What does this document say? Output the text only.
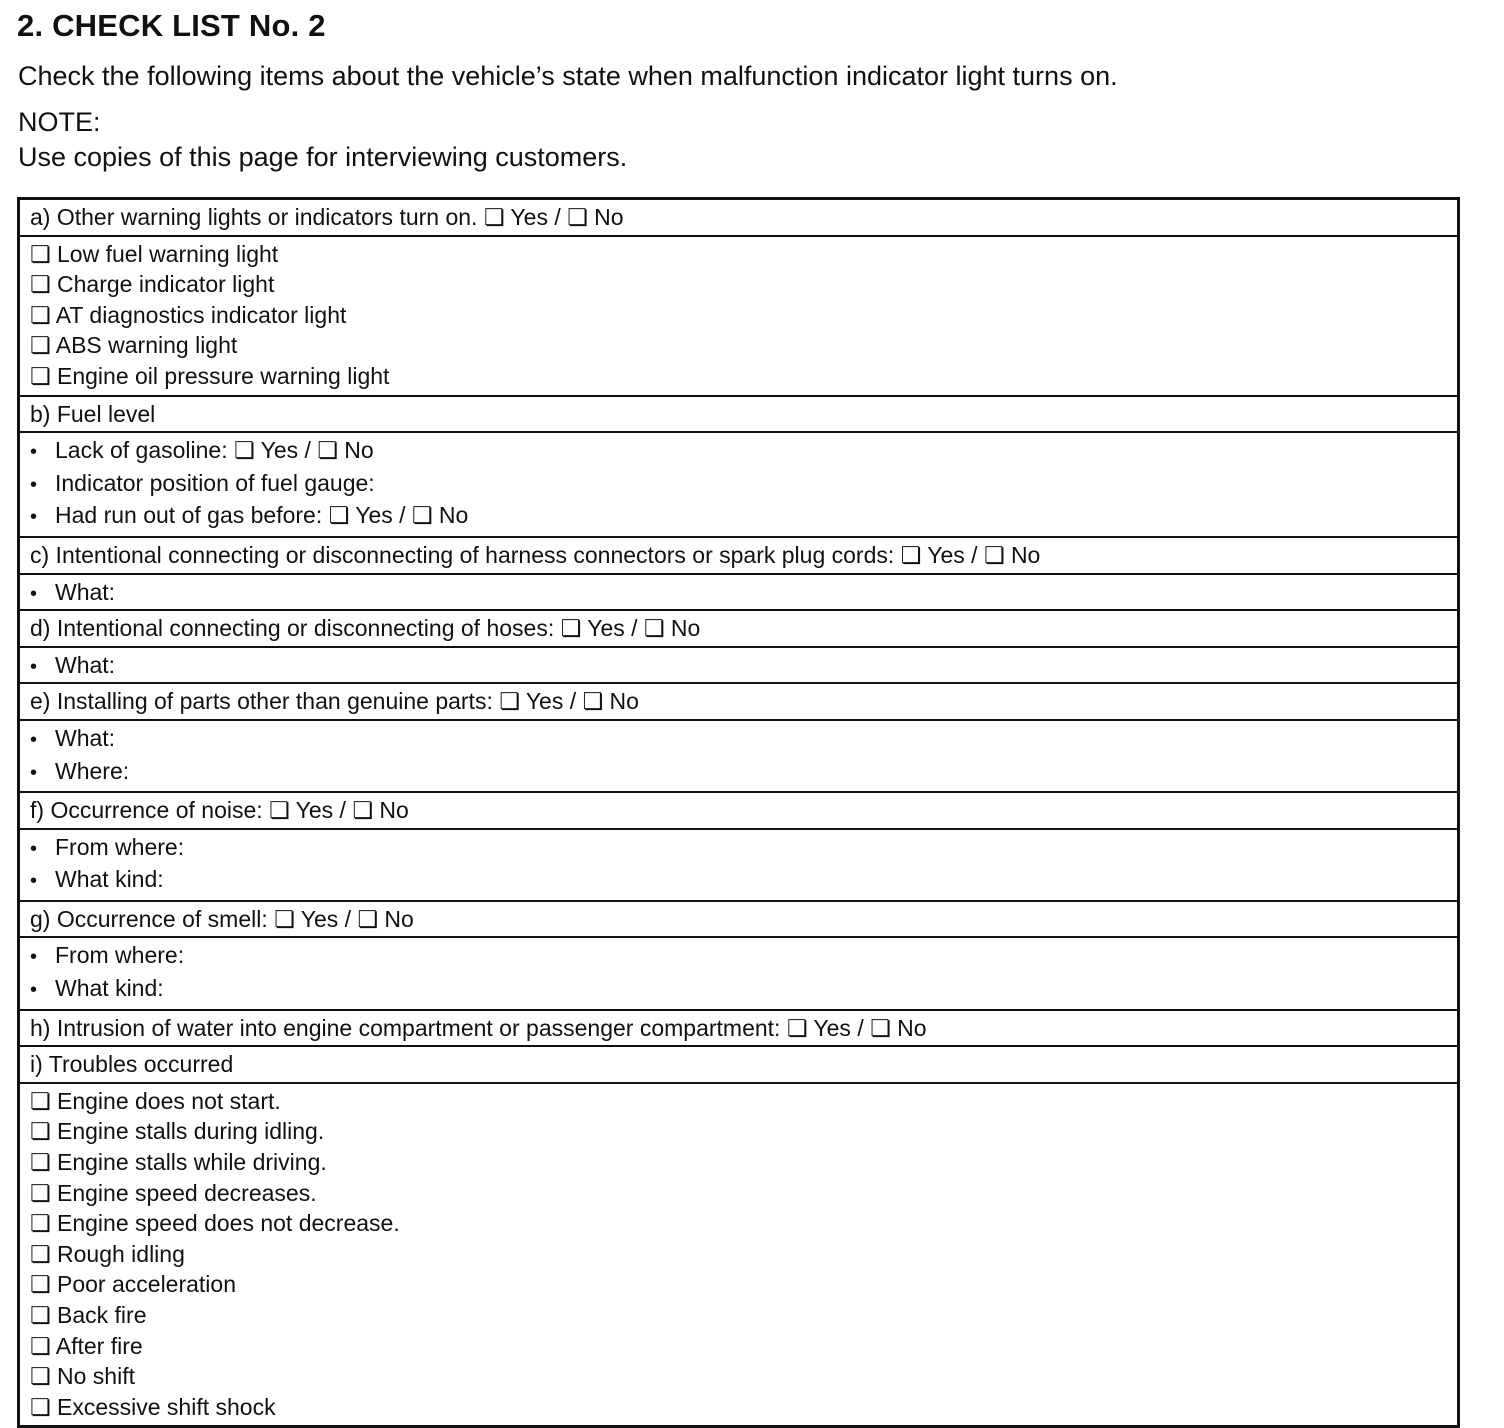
2. CHECK LIST No. 2

Check the following items about the vehicle’s state when malfunction indicator light turns on.

NOTE:
Use copies of this page for interviewing customers.
a) Other warning lights or indicators turn on. ❏ Yes / ❏ No
❏ Low fuel warning light
❏ Charge indicator light
❏ AT diagnostics indicator light
❏ ABS warning light
❏ Engine oil pressure warning light
b) Fuel level
• Lack of gasoline: ❏ Yes / ❏ No
• Indicator position of fuel gauge:
• Had run out of gas before: ❏ Yes / ❏ No
c) Intentional connecting or disconnecting of harness connectors or spark plug cords: ❏ Yes / ❏ No
• What:
d) Intentional connecting or disconnecting of hoses: ❏ Yes / ❏ No
• What:
e) Installing of parts other than genuine parts: ❏ Yes / ❏ No
• What:
• Where:
f) Occurrence of noise: ❏ Yes / ❏ No
• From where:
• What kind:
g) Occurrence of smell: ❏ Yes / ❏ No
• From where:
• What kind:
h) Intrusion of water into engine compartment or passenger compartment: ❏ Yes / ❏ No
i) Troubles occurred
❏ Engine does not start.
❏ Engine stalls during idling.
❏ Engine stalls while driving.
❏ Engine speed decreases.
❏ Engine speed does not decrease.
❏ Rough idling
❏ Poor acceleration
❏ Back fire
❏ After fire
❏ No shift
❏ Excessive shift shock
